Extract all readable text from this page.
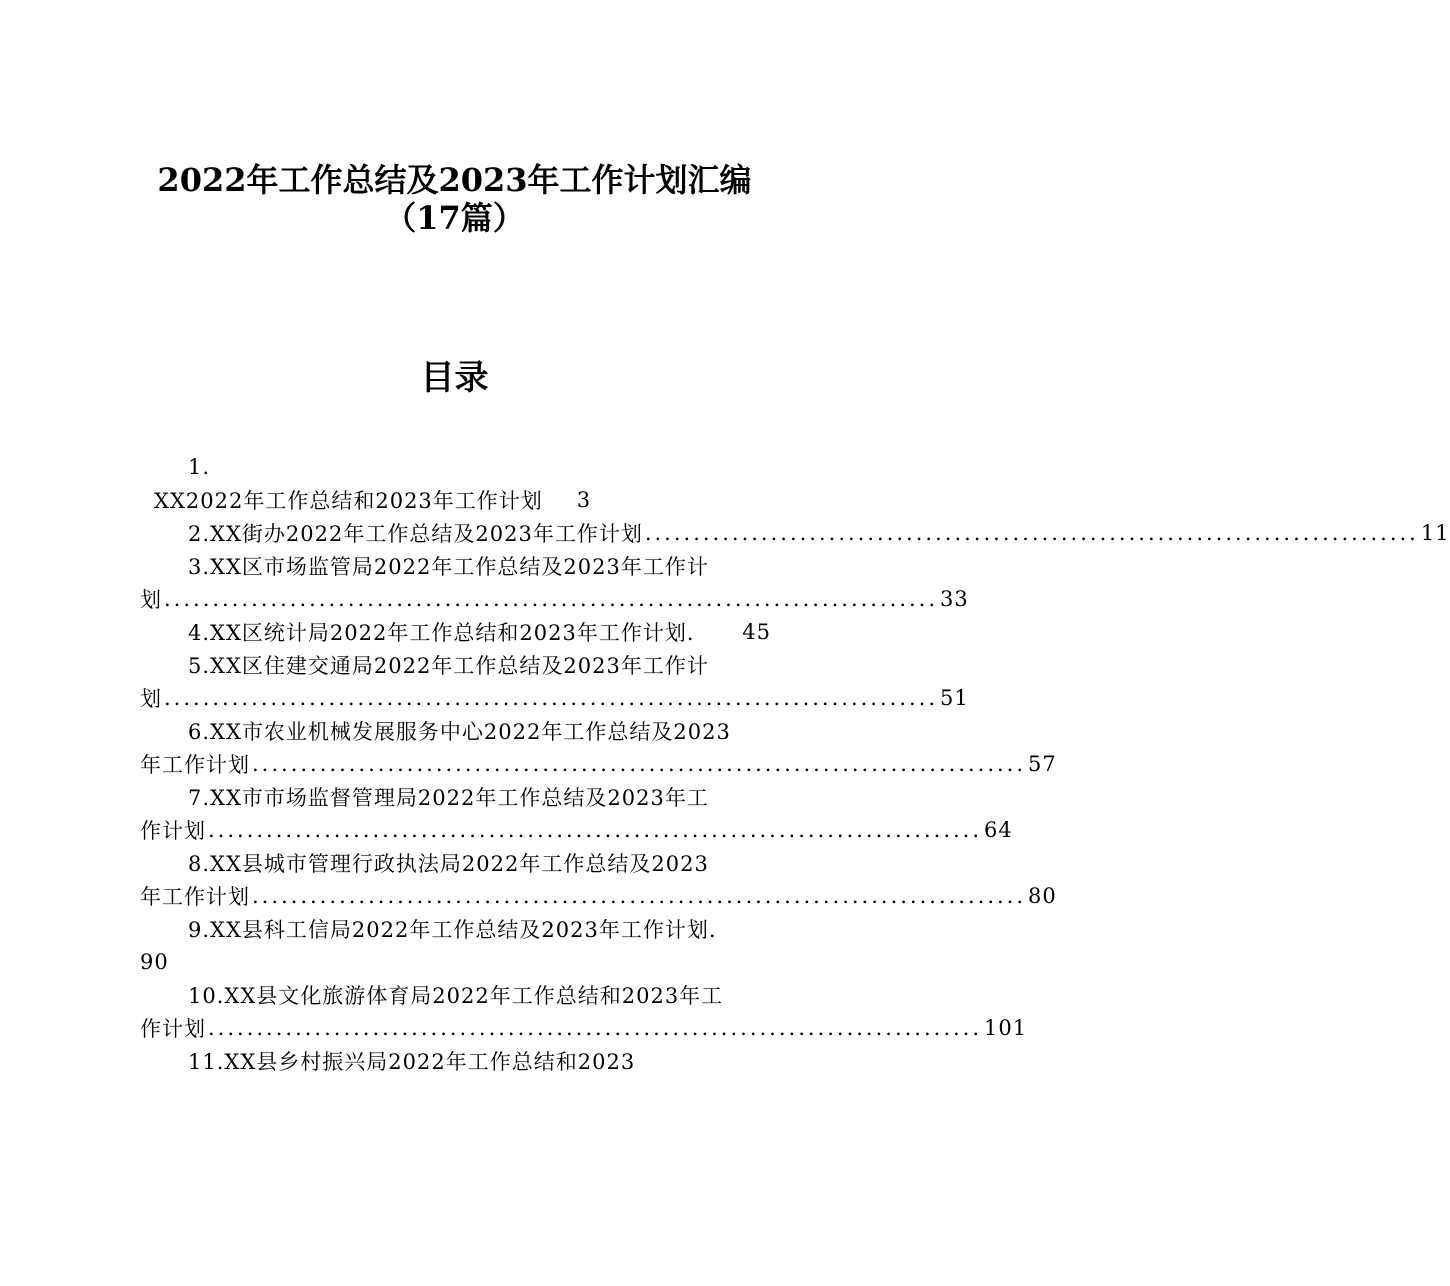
2022年工作总结及2023年工作计划汇编
（17篇）
目录
1.
XX2022年工作总结和2023年工作计划 3
2.XX街办2022年工作总结及2023年工作计划 ................................................................................ 11
3.XX区市场监管局2022年工作总结及2023年工作计
划 ................................................................................ 33
4.XX区统计局2022年工作总结和2023年工作计划. 45
5.XX区住建交通局2022年工作总结及2023年工作计
划 ................................................................................ 51
6.XX市农业机械发展服务中心2022年工作总结及2023
年工作计划 ................................................................................ 57
7.XX市市场监督管理局2022年工作总结及2023年工
作计划 ................................................................................ 64
8.XX县城市管理行政执法局2022年工作总结及2023
年工作计划 ................................................................................ 80
9.XX县科工信局2022年工作总结及2023年工作计划.
90
10.XX县文化旅游体育局2022年工作总结和2023年工
作计划 ................................................................................ 101
11.XX县乡村振兴局2022年工作总结和2023
